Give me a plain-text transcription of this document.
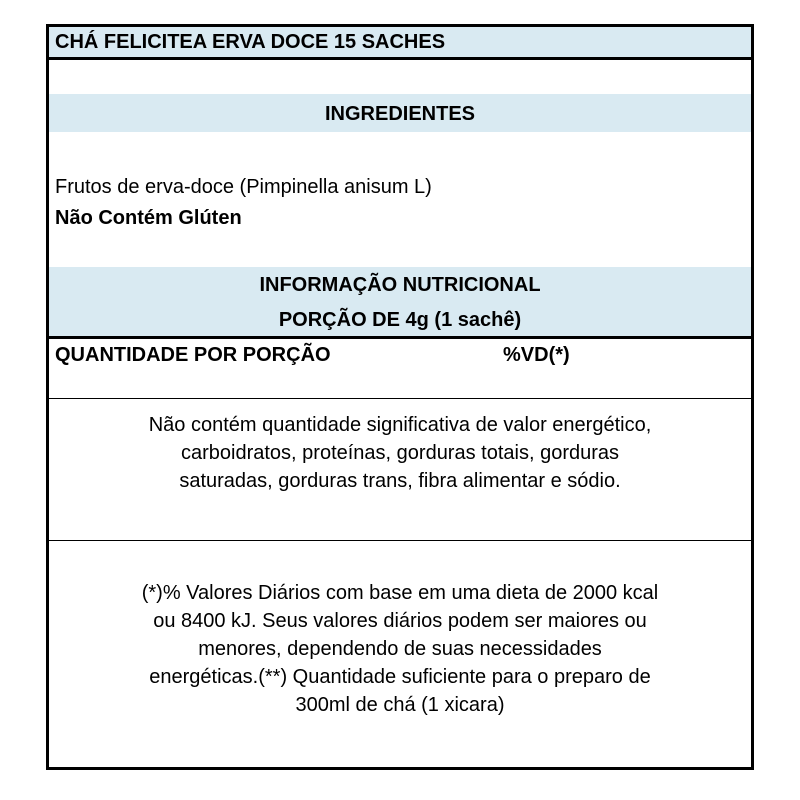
CHÁ FELICITEA ERVA DOCE 15 SACHES
INGREDIENTES
Frutos de erva-doce (Pimpinella anisum L)
Não Contém Glúten
INFORMAÇÃO NUTRICIONAL
PORÇÃO DE 4g (1 sachê)
QUANTIDADE POR PORÇÃO	%VD(*)
Não contém quantidade significativa de valor energético,
carboidratos, proteínas, gorduras totais, gorduras
saturadas, gorduras trans, fibra alimentar e sódio.
(*)% Valores Diários com base em uma dieta de 2000 kcal
ou 8400 kJ. Seus valores diários podem ser maiores ou
menores, dependendo de suas necessidades
energéticas.(**) Quantidade suficiente para o preparo de
300ml de chá (1 xicara)
